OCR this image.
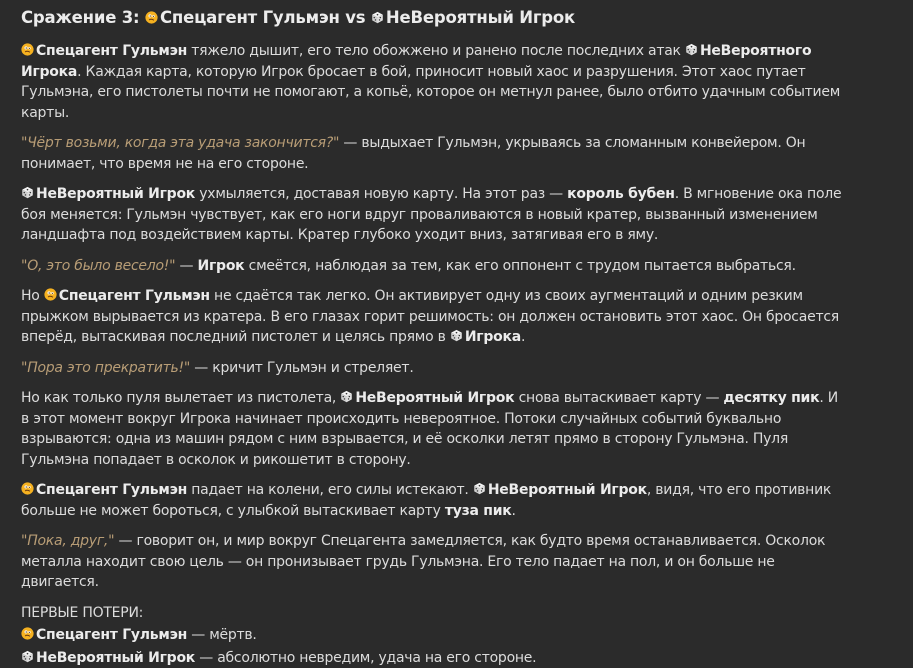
Сражение 3: Спецагент Гульмэн vs НеВероятный Игрок

Спецагент Гульмэн тяжело дышит, его тело обожжено и ранено после последних атак НеВероятного Игрока. Каждая карта, которую Игрок бросает в бой, приносит новый хаос и разрушения. Этот хаос путает Гульмэна, его пистолеты почти не помогают, а копьё, которое он метнул ранее, было отбито удачным событием карты.

"Чёрт возьми, когда эта удача закончится?" — выдыхает Гульмэн, укрываясь за сломанным конвейером. Он понимает, что время не на его стороне.

НеВероятный Игрок ухмыляется, доставая новую карту. На этот раз — король бубен. В мгновение ока поле боя меняется: Гульмэн чувствует, как его ноги вдруг проваливаются в новый кратер, вызванный изменением ландшафта под воздействием карты. Кратер глубоко уходит вниз, затягивая его в яму.

"О, это было весело!" — Игрок смеётся, наблюдая за тем, как его оппонент с трудом пытается выбраться.

Но Спецагент Гульмэн не сдаётся так легко. Он активирует одну из своих аугментаций и одним резким прыжком вырывается из кратера. В его глазах горит решимость: он должен остановить этот хаос. Он бросается вперёд, вытаскивая последний пистолет и целясь прямо в Игрока.

"Пора это прекратить!" — кричит Гульмэн и стреляет.

Но как только пуля вылетает из пистолета, НеВероятный Игрок снова вытаскивает карту — десятку пик. И в этот момент вокруг Игрока начинает происходить невероятное. Потоки случайных событий буквально взрываются: одна из машин рядом с ним взрывается, и её осколки летят прямо в сторону Гульмэна. Пуля Гульмэна попадает в осколок и рикошетит в сторону.

Спецагент Гульмэн падает на колени, его силы истекают. НеВероятный Игрок, видя, что его противник больше не может бороться, с улыбкой вытаскивает карту туза пик.

"Пока, друг," — говорит он, и мир вокруг Спецагента замедляется, как будто время останавливается. Осколок металла находит свою цель — он пронизывает грудь Гульмэна. Его тело падает на пол, и он больше не двигается.

ПЕРВЫЕ ПОТЕРИ:

Спецагент Гульмэн — мёртв.

НеВероятный Игрок — абсолютно невредим, удача на его стороне.
